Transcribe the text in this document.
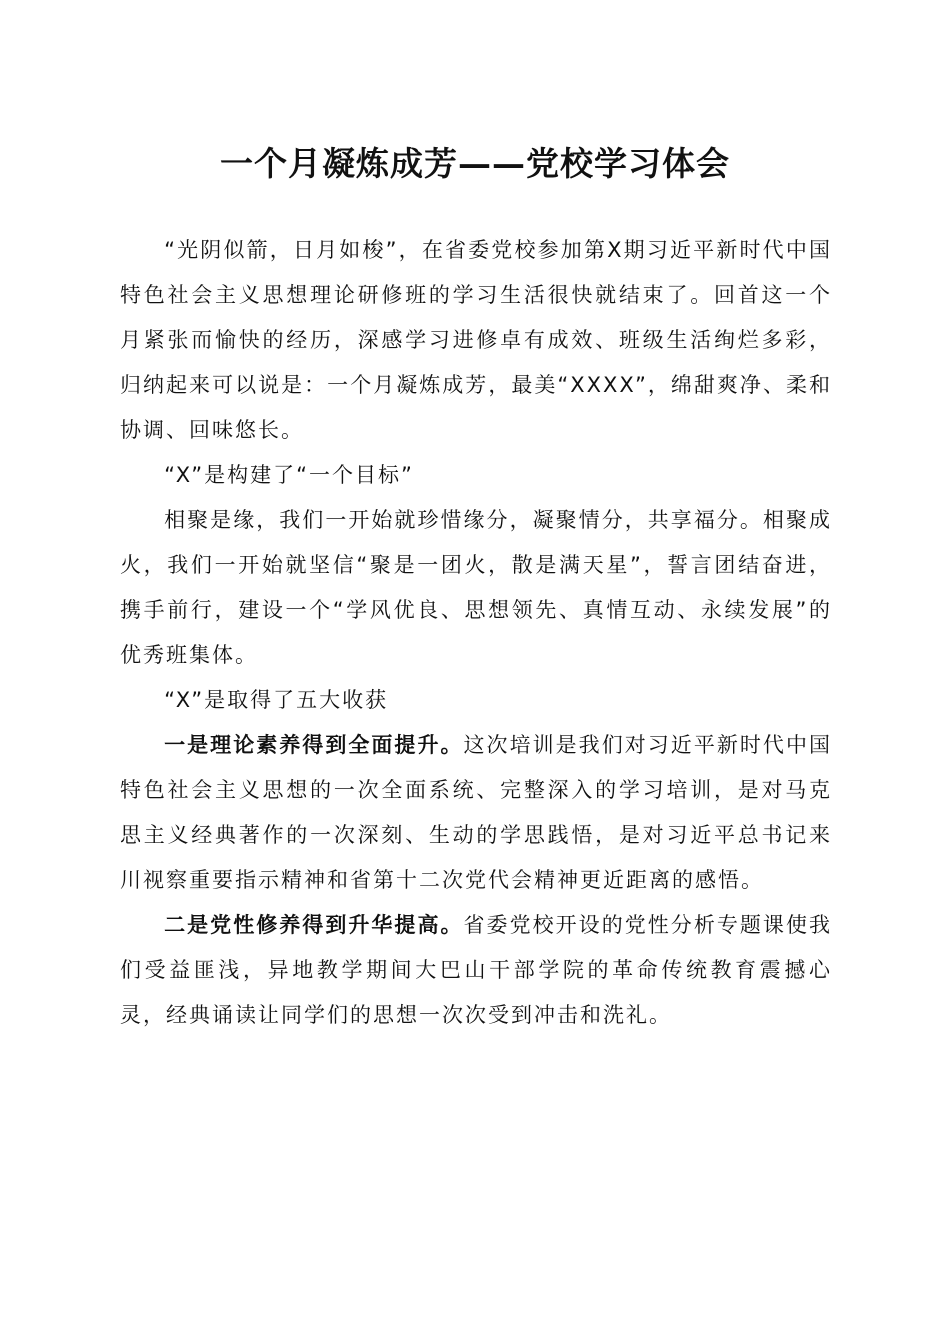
一个月凝炼成芳——党校学习体会

“光阴似箭，日月如梭”，在省委党校参加第X期习近平新时代中国特色社会主义思想理论研修班的学习生活很快就结束了。回首这一个月紧张而愉快的经历，深感学习进修卓有成效、班级生活绚烂多彩，归纳起来可以说是：一个月凝炼成芳，最美“XXXX”，绵甜爽净、柔和协调、回味悠长。

“X”是构建了“一个目标”

相聚是缘，我们一开始就珍惜缘分，凝聚情分，共享福分。相聚成火，我们一开始就坚信“聚是一团火，散是满天星”，誓言团结奋进，携手前行，建设一个“学风优良、思想领先、真情互动、永续发展”的优秀班集体。

“X”是取得了五大收获

一是理论素养得到全面提升。这次培训是我们对习近平新时代中国特色社会主义思想的一次全面系统、完整深入的学习培训，是对马克思主义经典著作的一次深刻、生动的学思践悟，是对习近平总书记来川视察重要指示精神和省第十二次党代会精神更近距离的感悟。

二是党性修养得到升华提高。省委党校开设的党性分析专题课使我们受益匪浅，异地教学期间大巴山干部学院的革命传统教育震撼心灵，经典诵读让同学们的思想一次次受到冲击和洗礼。
